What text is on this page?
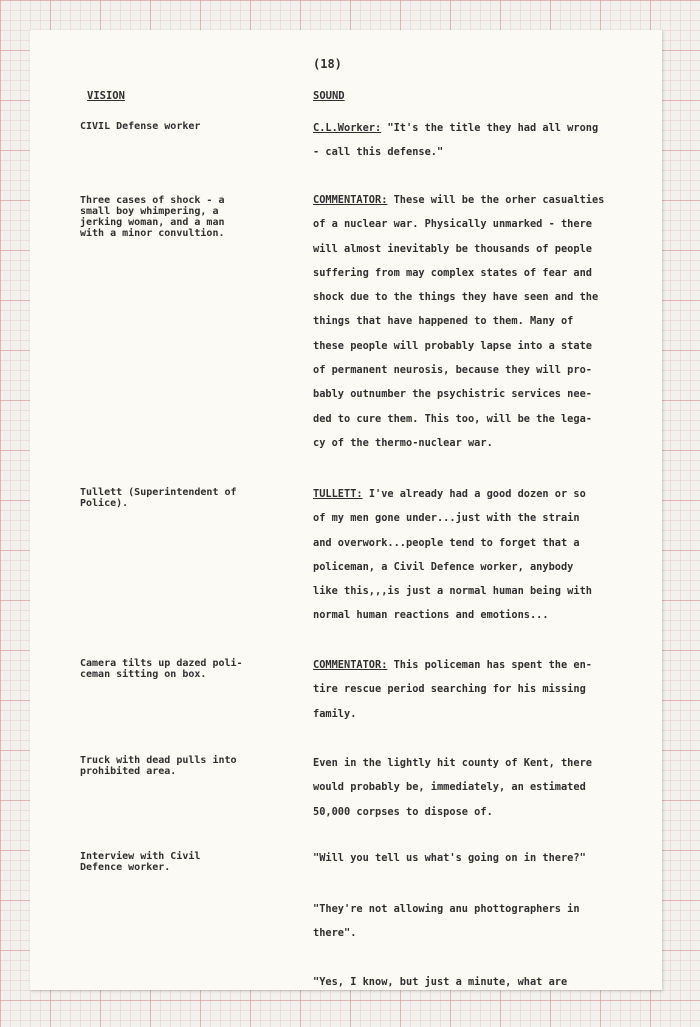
(18)
VISION	SOUND
CIVIL Defense worker	C.L.Worker: "It's the title they had all wrong
- call this defense."
Three cases of shock - a
small boy whimpering, a
jerking woman, and a man
with a minor convultion.
COMMENTATOR: These will be the orher casualties
of a nuclear war. Physically unmarked - there
will almost inevitably be thousands of people
suffering from may complex states of fear and
shock due to the things they have seen and the
things that have happened to them. Many of
these people will probably lapse into a state
of permanent neurosis, because they will pro-
bably outnumber the psychistric services nee-
ded to cure them. This too, will be the lega-
cy of the thermo-nuclear war.
Tullett (Superintendent of
Police).
TULLETT: I've already had a good dozen or so
of my men gone under...just with the strain
and overwork...people tend to forget that a
policeman, a Civil Defence worker, anybody
like this,,,is just a normal human being with
normal human reactions and emotions...
Camera tilts up dazed poli-
ceman sitting on box.
COMMENTATOR: This policeman has spent the en-
tire rescue period searching for his missing
family.
Truck with dead pulls into
prohibited area.
Even in the lightly hit county of Kent, there
would probably be, immediately, an estimated
50,000 corpses to dispose of.
Interview with Civil
Defence worker.
"Will you tell us what's going on in there?"
"They're not allowing anu phottographers in
there".
"Yes, I know, but just a minute, what are
